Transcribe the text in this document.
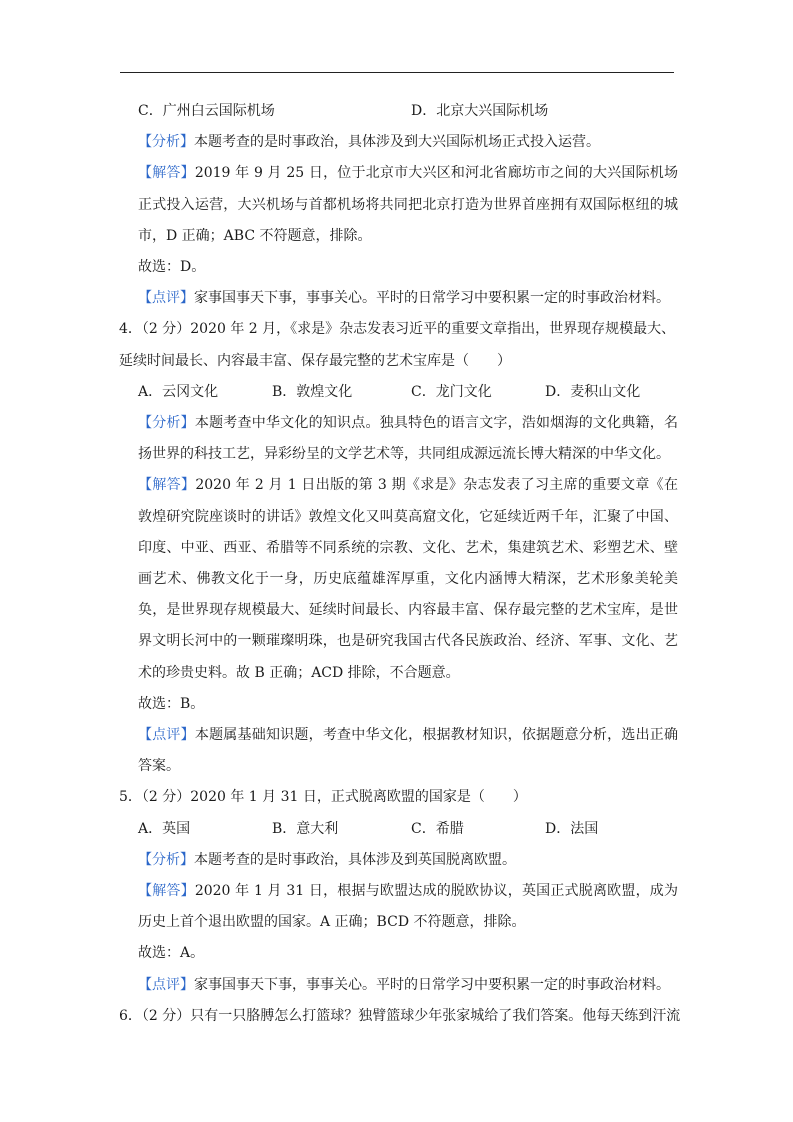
C．广州白云国际机场	D．北京大兴国际机场
【分析】本题考查的是时事政治，具体涉及到大兴国际机场正式投入运营。
【解答】2019 年 9 月 25 日，位于北京市大兴区和河北省廊坊市之间的大兴国际机场正式投入运营，大兴机场与首都机场将共同把北京打造为世界首座拥有双国际枢纽的城市，D 正确；ABC 不符题意，排除。
故选：D。
【点评】家事国事天下事，事事关心。平时的日常学习中要积累一定的时事政治材料。
4．（2 分）2020 年 2 月，《求是》杂志发表习近平的重要文章指出，世界现存规模最大、延续时间最长、内容最丰富、保存最完整的艺术宝库是（　　）
A．云冈文化	B．敦煌文化	C．龙门文化	D．麦积山文化
【分析】本题考查中华文化的知识点。独具特色的语言文字，浩如烟海的文化典籍，名扬世界的科技工艺，异彩纷呈的文学艺术等，共同组成源远流长博大精深的中华文化。
【解答】2020 年 2 月 1 日出版的第 3 期《求是》杂志发表了习主席的重要文章《在敦煌研究院座谈时的讲话》敦煌文化又叫莫高窟文化，它延续近两千年，汇聚了中国、印度、中亚、西亚、希腊等不同系统的宗教、文化、艺术，集建筑艺术、彩塑艺术、壁画艺术、佛教文化于一身，历史底蕴雄浑厚重，文化内涵博大精深，艺术形象美轮美奂，是世界现存规模最大、延续时间最长、内容最丰富、保存最完整的艺术宝库，是世界文明长河中的一颗璀璨明珠，也是研究我国古代各民族政治、经济、军事、文化、艺术的珍贵史料。故 B 正确；ACD 排除，不合题意。
故选：B。
【点评】本题属基础知识题，考查中华文化，根据教材知识，依据题意分析，选出正确答案。
5．（2 分）2020 年 1 月 31 日，正式脱离欧盟的国家是（　　）
A．英国	B．意大利	C．希腊	D．法国
【分析】本题考查的是时事政治，具体涉及到英国脱离欧盟。
【解答】2020 年 1 月 31 日，根据与欧盟达成的脱欧协议，英国正式脱离欧盟，成为历史上首个退出欧盟的国家。A 正确；BCD 不符题意，排除。
故选：A。
【点评】家事国事天下事，事事关心。平时的日常学习中要积累一定的时事政治材料。
6．（2 分）只有一只胳膊怎么打篮球？独臂篮球少年张家城给了我们答案。他每天练到汗流
